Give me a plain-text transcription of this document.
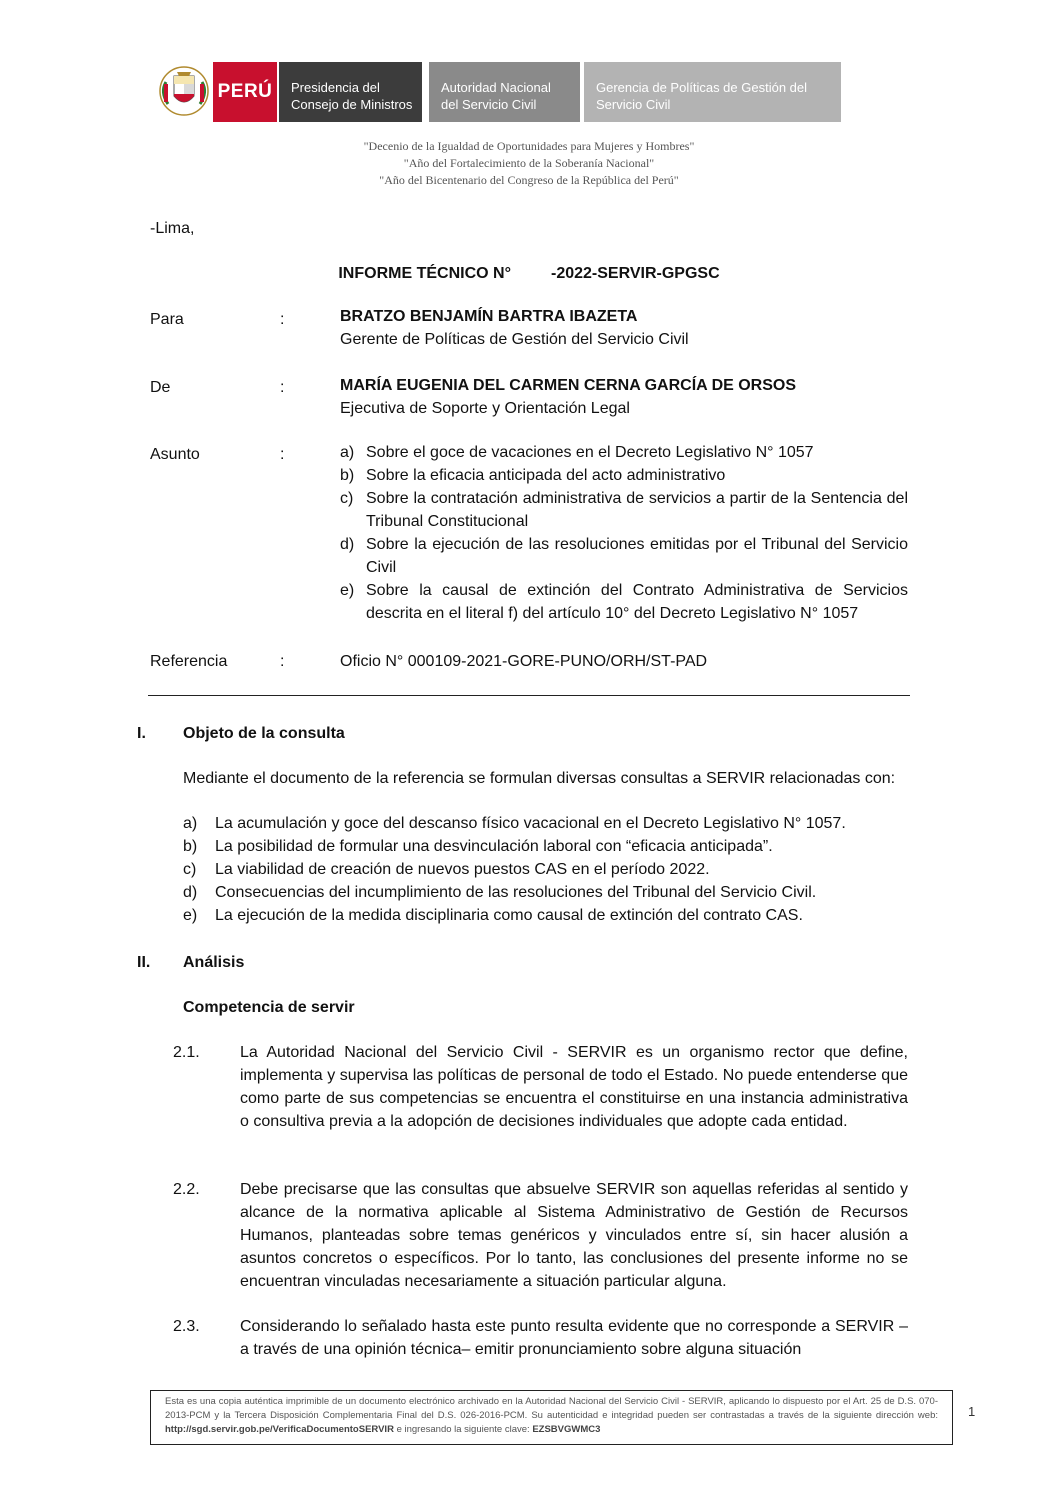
PERÚ	Presidencia del
Consejo de Ministros
Autoridad Nacional
del Servicio Civil
Gerencia de Políticas de Gestión del
Servicio Civil
"Decenio de la Igualdad de Oportunidades para Mujeres y Hombres"
"Año del Fortalecimiento de la Soberanía Nacional"
"Año del Bicentenario del Congreso de la República del Perú"
-Lima,
INFORME TÉCNICO N°	-2022-SERVIR-GPGSC
Para	:	BRATZO BENJAMÍN BARTRA IBAZETA
Gerente de Políticas de Gestión del Servicio Civil
De	:	MARÍA EUGENIA DEL CARMEN CERNA GARCÍA DE ORSOS
Ejecutiva de Soporte y Orientación Legal
Asunto	:	a) Sobre el goce de vacaciones en el Decreto Legislativo N° 1057
b) Sobre la eficacia anticipada del acto administrativo
c) Sobre la contratación administrativa de servicios a partir de la Sentencia del Tribunal Constitucional
d) Sobre la ejecución de las resoluciones emitidas por el Tribunal del Servicio Civil
e) Sobre la causal de extinción del Contrato Administrativa de Servicios descrita en el literal f) del artículo 10° del Decreto Legislativo N° 1057
Referencia	:	Oficio N° 000109-2021-GORE-PUNO/ORH/ST-PAD
I. Objeto de la consulta
Mediante el documento de la referencia se formulan diversas consultas a SERVIR relacionadas con:
a) La acumulación y goce del descanso físico vacacional en el Decreto Legislativo N° 1057.
b) La posibilidad de formular una desvinculación laboral con “eficacia anticipada”.
c) La viabilidad de creación de nuevos puestos CAS en el período 2022.
d) Consecuencias del incumplimiento de las resoluciones del Tribunal del Servicio Civil.
e) La ejecución de la medida disciplinaria como causal de extinción del contrato CAS.
II. Análisis
Competencia de servir
2.1.	La Autoridad Nacional del Servicio Civil - SERVIR es un organismo rector que define, implementa y supervisa las políticas de personal de todo el Estado. No puede entenderse que como parte de sus competencias se encuentra el constituirse en una instancia administrativa o consultiva previa a la adopción de decisiones individuales que adopte cada entidad.
2.2.	Debe precisarse que las consultas que absuelve SERVIR son aquellas referidas al sentido y alcance de la normativa aplicable al Sistema Administrativo de Gestión de Recursos Humanos, planteadas sobre temas genéricos y vinculados entre sí, sin hacer alusión a asuntos concretos o específicos. Por lo tanto, las conclusiones del presente informe no se encuentran vinculadas necesariamente a situación particular alguna.
2.3.	Considerando lo señalado hasta este punto resulta evidente que no corresponde a SERVIR –a través de una opinión técnica– emitir pronunciamiento sobre alguna situación
Esta es una copia auténtica imprimible de un documento electrónico archivado en la Autoridad Nacional del Servicio Civil - SERVIR, aplicando lo dispuesto por el Art. 25 de D.S. 070-2013-PCM y la Tercera Disposición Complementaria Final del D.S. 026-2016-PCM. Su autenticidad e integridad pueden ser contrastadas a través de la siguiente dirección web: http://sgd.servir.gob.pe/VerificaDocumentoSERVIR e ingresando la siguiente clave: EZSBVGWMC3
1
